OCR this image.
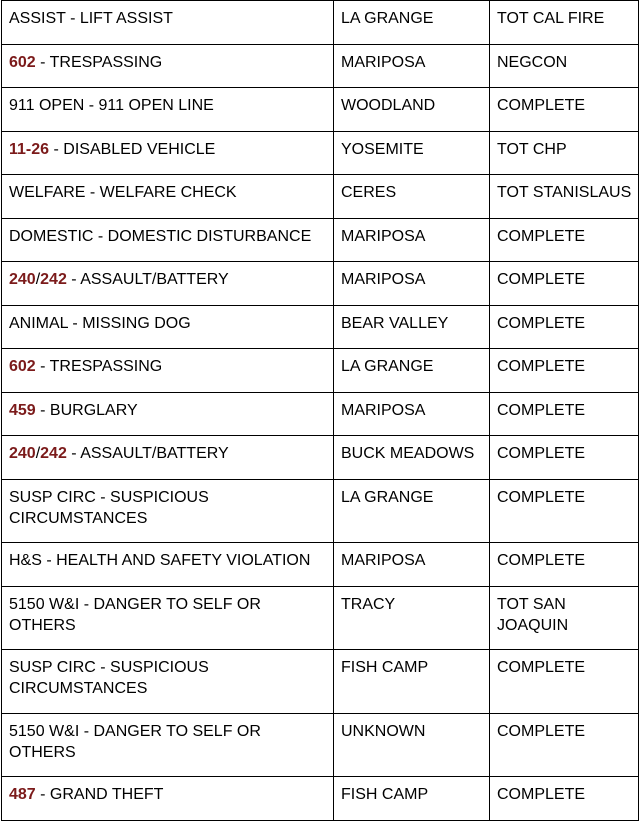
ASSIST - LIFT ASSIST	LA GRANGE	TOT CAL FIRE
602 - TRESPASSING	MARIPOSA	NEGCON
911 OPEN - 911 OPEN LINE	WOODLAND	COMPLETE
11-26 - DISABLED VEHICLE	YOSEMITE	TOT CHP
WELFARE - WELFARE CHECK	CERES	TOT STANISLAUS
DOMESTIC - DOMESTIC DISTURBANCE	MARIPOSA	COMPLETE
240/242 - ASSAULT/BATTERY	MARIPOSA	COMPLETE
ANIMAL - MISSING DOG	BEAR VALLEY	COMPLETE
602 - TRESPASSING	LA GRANGE	COMPLETE
459 - BURGLARY	MARIPOSA	COMPLETE
240/242 - ASSAULT/BATTERY	BUCK MEADOWS	COMPLETE
SUSP CIRC - SUSPICIOUS CIRCUMSTANCES	LA GRANGE	COMPLETE
H&S - HEALTH AND SAFETY VIOLATION	MARIPOSA	COMPLETE
5150 W&I - DANGER TO SELF OR OTHERS	TRACY	TOT SAN JOAQUIN
SUSP CIRC - SUSPICIOUS CIRCUMSTANCES	FISH CAMP	COMPLETE
5150 W&I - DANGER TO SELF OR OTHERS	UNKNOWN	COMPLETE
487 - GRAND THEFT	FISH CAMP	COMPLETE
